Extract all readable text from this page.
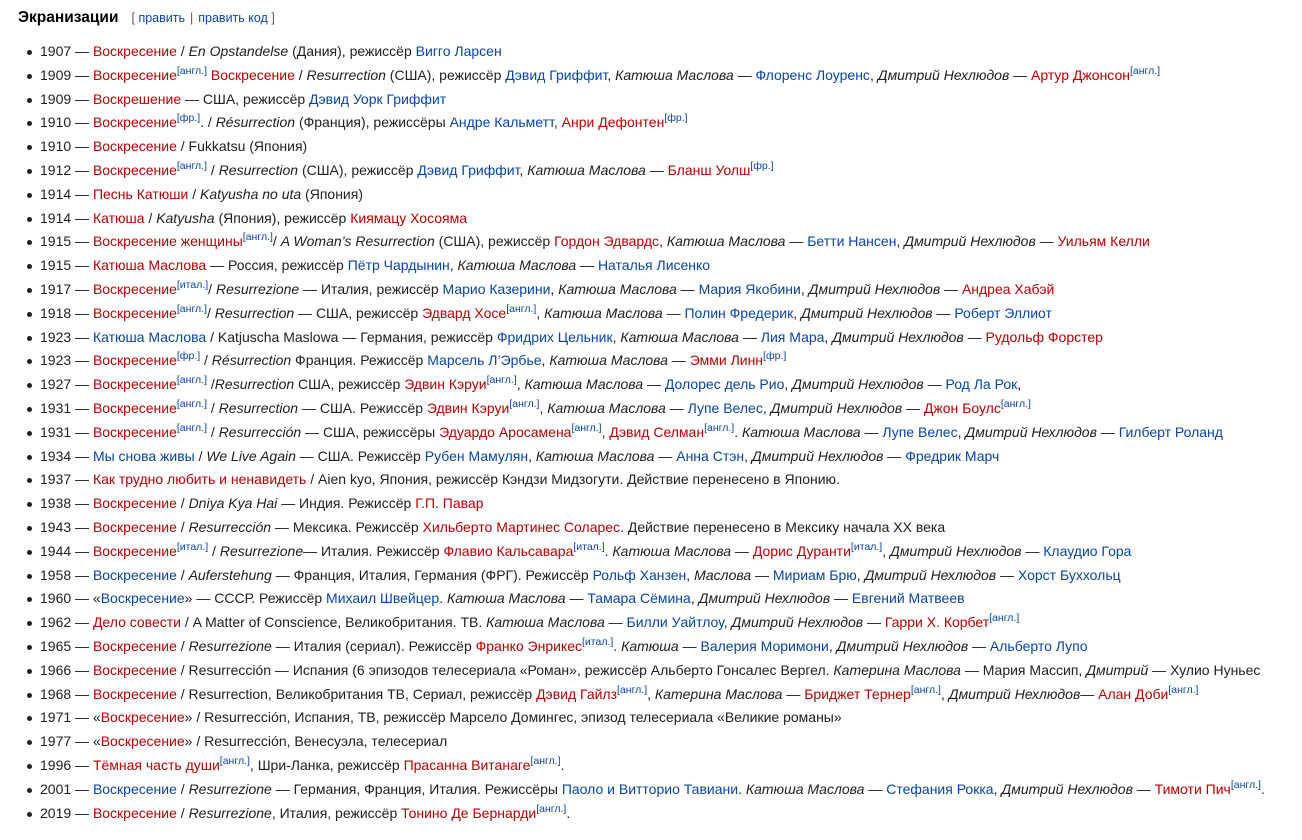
Экранизации [ править | править код ]
1907 — Воскресение / En Opstandelse (Дания), режиссёр Вигго Ларсен
1909 — Воскресение[англ.] Воскресение / Resurrection (США), режиссёр Дэвид Гриффит, Катюша Маслова — Флоренс Лоуренс, Дмитрий Нехлюдов — Артур Джонсон[англ.]
1909 — Воскрешение — США, режиссёр Дэвид Уорк Гриффит
1910 — Воскресение[фр.]. / Résurrection (Франция), режиссёры Андре Кальметт, Анри Дефонтен[фр.]
1910 — Воскресение / Fukkatsu (Япония)
1912 — Воскресение[англ.] / Resurrection (США), режиссёр Дэвид Гриффит, Катюша Маслова — Бланш Уолш[фр.]
1914 — Песнь Катюши / Katyusha no uta (Япония)
1914 — Катюша / Katyusha (Япония), режиссёр Киямацу Хосояма
1915 — Воскресение женщины[англ.]/ A Woman’s Resurrection (США), режиссёр Гордон Эдвардс, Катюша Маслова — Бетти Нансен, Дмитрий Нехлюдов — Уильям Келли
1915 — Катюша Маслова — Россия, режиссёр Пётр Чардынин, Катюша Маслова — Наталья Лисенко
1917 — Воскресение[итал.]/ Resurrezione — Италия, режиссёр Марио Казерини, Катюша Маслова — Мария Якобини, Дмитрий Нехлюдов — Андреа Хабэй
1918 — Воскресение[англ.]/ Resurrection — США, режиссёр Эдвард Хосе[англ.], Катюша Маслова — Полин Фредерик, Дмитрий Нехлюдов — Роберт Эллиот
1923 — Катюша Маслова / Katjuscha Maslowa — Германия, режиссёр Фридрих Цельник, Катюша Маслова — Лия Мара, Дмитрий Нехлюдов — Рудольф Форстер
1923 — Воскресение[фр.] / Résurrection Франция. Режиссёр Марсель Л’Эрбье, Катюша Маслова — Эмми Линн[фр.]
1927 — Воскресение[англ.] /Resurrection США, режиссёр Эдвин Кэруи[англ.], Катюша Маслова — Долорес дель Рио, Дмитрий Нехлюдов — Род Ла Рок,
1931 — Воскресение[англ.] / Resurrection — США. Режиссёр Эдвин Кэруи[англ.], Катюша Маслова — Лупе Велес, Дмитрий Нехлюдов — Джон Боулс[англ.]
1931 — Воскресение[англ.] / Resurrección — США, режиссёры Эдуардо Аросамена[англ.], Дэвид Селман[англ.]. Катюша Маслова — Лупе Велес, Дмитрий Нехлюдов — Гилберт Роланд
1934 — Мы снова живы / We Live Again — США. Режиссёр Рубен Мамулян, Катюша Маслова — Анна Стэн, Дмитрий Нехлюдов — Фредрик Марч
1937 — Как трудно любить и ненавидеть / Aien kyo, Япония, режиссёр Кэндзи Мидзогути. Действие перенесено в Японию.
1938 — Воскресение / Dniya Kya Hai — Индия. Режиссёр Г.П. Павар
1943 — Воскресение / Resurrección — Мексика. Режиссёр Хильберто Мартинес Соларес. Действие перенесено в Мексику начала XX века
1944 — Воскресение[итал.] / Resurrezione— Италия. Режиссёр Флавио Кальсавара[итал.]. Катюша Маслова — Дорис Дуранти[итал.], Дмитрий Нехлюдов — Клаудио Гора
1958 — Воскресение / Auferstehung — Франция, Италия, Германия (ФРГ). Режиссёр Рольф Ханзен, Маслова — Мириам Брю, Дмитрий Нехлюдов — Хорст Буххольц
1960 — «Воскресение» — СССР. Режиссёр Михаил Швейцер. Катюша Маслова — Тамара Сёмина, Дмитрий Нехлюдов — Евгений Матвеев
1962 — Дело совести / A Matter of Conscience, Великобритания. ТВ. Катюша Маслова — Билли Уайтлоу, Дмитрий Нехлюдов — Гарри Х. Корбет[англ.]
1965 — Воскресение / Resurrezione — Италия (сериал). Режиссёр Франко Энрикес[итал.]. Катюша — Валерия Моримони, Дмитрий Нехлюдов — Альберто Лупо
1966 — Воскресение / Resurrección — Испания (6 эпизодов телесериала «Роман», режиссёр Альберто Гонсалес Вергел. Катерина Маслова — Мария Массип, Дмитрий — Хулио Нуньес
1968 — Воскресение / Resurrection, Великобритания ТВ, Сериал, режиссёр Дэвид Гайлз[англ.], Катерина Маслова — Бриджет Тернер[англ.], Дмитрий Нехлюдов— Алан Доби[англ.]
1971 — «Воскресение» / Resurrección, Испания, ТВ, режиссёр Марсело Домингес, эпизод телесериала «Великие романы»
1977 — «Воскресение» / Resurrección, Венесуэла, телесериал
1996 — Тёмная часть души[англ.], Шри-Ланка, режиссёр Прасанна Витанаге[англ.].
2001 — Воскресение / Resurrezione — Германия, Франция, Италия. Режиссёры Паоло и Витторио Тавиани. Катюша Маслова — Стефания Рокка, Дмитрий Нехлюдов — Тимоти Пич[англ.].
2019 — Воскресение / Resurrezione, Италия, режиссёр Тонино Де Бернарди[англ.].
